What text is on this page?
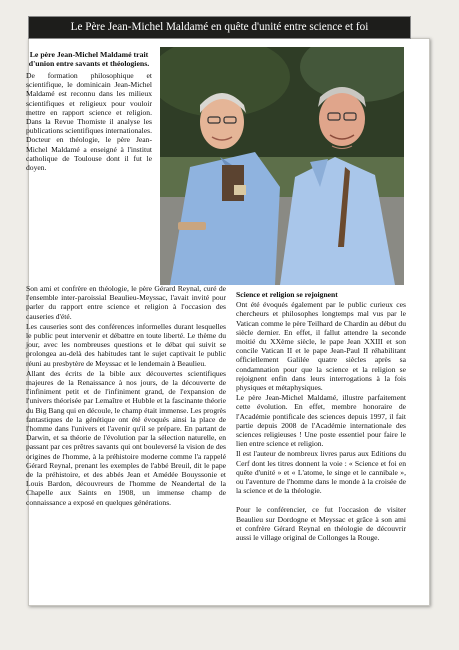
Le Père Jean-Michel Maldamé en quête d'unité entre science et foi
Le père Jean-Michel Maldamé trait d'union entre savants et théologiens.

De formation philosophique et scientifique, le dominicain Jean-Michel Maldamé est reconnu dans les milieux scientifiques et religieux pour vouloir mettre en rapport science et religion. Dans la Revue Thomiste il analyse les publications scientifiques internationales. Docteur en théologie, le père Jean-Michel Maldamé a enseigné à l'institut catholique de Toulouse dont il fut le doyen.

Son ami et confrère en théologie, le père Gérard Reynal, curé de l'ensemble inter-paroissial Beaulieu-Meyssac, l'avait invité pour parler du rapport entre science et religion à l'occasion des causeries d'été.

Les causeries sont des conférences informelles durant lesquelles le public peut intervenir et débattre en toute liberté. Le thème du jour, avec les nombreuses questions et le débat qui suivit se prolongea au-delà des habitudes tant le sujet captivait le public réuni au presbytère de Meyssac et le lendemain à Beaulieu.

Allant des écrits de la bible aux découvertes scientifiques majeures de la Renaissance à nos jours, de la découverte de l'infiniment petit et de l'infiniment grand, de l'expansion de l'univers théorisée par Lemaître et Hubble et la fascinante théorie du Big Bang qui en découle, le champ était immense. Les progrès fantastiques de la génétique ont été évoqués ainsi la place de l'homme dans l'univers et l'avenir qu'il se prépare. En partant de Darwin, et sa théorie de l'évolution par la sélection naturelle, en passant par ces prêtres savants qui ont bouleversé la vision de des origines de l'homme, à la préhistoire moderne comme l'a rappelé Gérard Reynal, prenant les exemples de l'abbé Breuil, dit le pape de la préhistoire, et des abbés Jean et Amédée Bouyssonie et Louis Bardon, découvreurs de l'homme de Neandertal de la Chapelle aux Saints en 1908, un immense champ de connaissance a exposé en quelques générations.

Science et religion se rejoignent

Ont été évoqués également par le public curieux ces chercheurs et philosophes longtemps mal vus par le Vatican comme le père Teilhard de Chardin au début du siècle dernier. En effet, il fallut attendre la seconde moitié du XXème siècle, le pape Jean XXIII et son concile Vatican II et le pape Jean-Paul II réhabilitant officiellement Galilée quatre siècles après sa condamnation pour que la science et la religion se rejoignent enfin dans leurs interrogations à la fois physiques et métaphysiques.

Le père Jean-Michel Maldamé, illustre parfaitement cette évolution. En effet, membre honoraire de l'Académie pontificale des sciences depuis 1997, il fait partie depuis 2008 de l'Académie internationale des sciences religieuses ! Une poste essentiel pour faire le lien entre science et religion.

Il est l'auteur de nombreux livres parus aux Editions du Cerf dont les titres donnent la voie : « Science et foi en quête d'unité » et « L'atome, le singe et le cannibale », ou l'aventure de l'homme dans le monde à la croisée de la science et de la théologie.

Pour le conférencier, ce fut l'occasion de visiter Beaulieu sur Dordogne et Meyssac et grâce à son ami et confrère Gérard Reynal en théologie de découvrir aussi le village original de Collonges la Rouge.
